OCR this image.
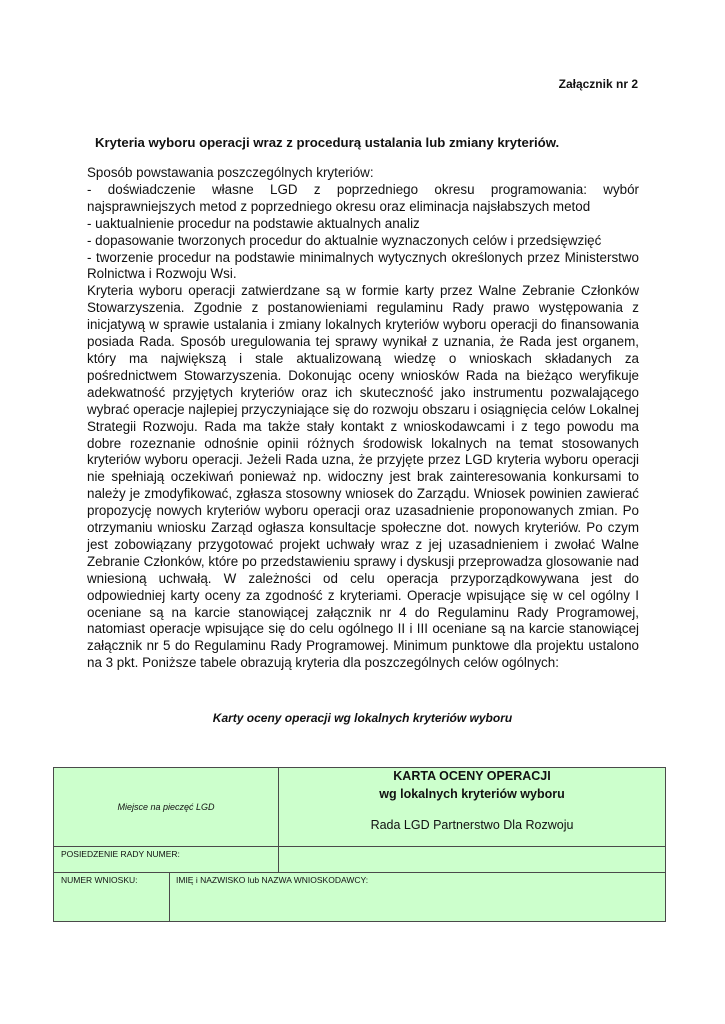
Załącznik nr 2
Kryteria wyboru operacji wraz z procedurą ustalania lub zmiany kryteriów.

Sposób powstawania poszczególnych kryteriów:

- doświadczenie własne LGD z poprzedniego okresu programowania: wybór najsprawniejszych metod z poprzedniego okresu oraz eliminacja najsłabszych metod

- uaktualnienie procedur na podstawie aktualnych analiz

- dopasowanie tworzonych procedur do aktualnie wyznaczonych celów i przedsięwzięć

- tworzenie procedur na podstawie minimalnych wytycznych określonych przez Ministerstwo Rolnictwa i Rozwoju Wsi.

Kryteria wyboru operacji zatwierdzane są w formie karty przez Walne Zebranie Członków Stowarzyszenia. Zgodnie z postanowieniami regulaminu Rady prawo występowania z inicjatywą w sprawie ustalania i zmiany lokalnych kryteriów wyboru operacji do finansowania posiada Rada. Sposób uregulowania tej sprawy wynikał z uznania, że Rada jest organem, który ma największą i stale aktualizowaną wiedzę o wnioskach składanych za pośrednictwem Stowarzyszenia. Dokonując oceny wniosków Rada na bieżąco weryfikuje adekwatność przyjętych kryteriów oraz ich skuteczność jako instrumentu pozwalającego wybrać operacje najlepiej przyczyniające się do rozwoju obszaru i osiągnięcia celów Lokalnej Strategii Rozwoju. Rada ma także stały kontakt z wnioskodawcami i z tego powodu ma dobre rozeznanie odnośnie opinii różnych środowisk lokalnych na temat stosowanych kryteriów wyboru operacji. Jeżeli Rada uzna, że przyjęte przez LGD kryteria wyboru operacji nie spełniają oczekiwań ponieważ np. widoczny jest brak zainteresowania konkursami to należy je zmodyfikować, zgłasza stosowny wniosek do Zarządu. Wniosek powinien zawierać propozycję nowych kryteriów wyboru operacji oraz uzasadnienie proponowanych zmian. Po otrzymaniu wniosku Zarząd ogłasza konsultacje społeczne dot. nowych kryteriów. Po czym jest zobowiązany przygotować projekt uchwały wraz z jej uzasadnieniem i zwołać Walne Zebranie Członków, które po przedstawieniu sprawy i dyskusji przeprowadza glosowanie nad wniesioną uchwałą. W zależności od celu operacja przyporządkowywana jest do odpowiedniej karty oceny za zgodność z kryteriami. Operacje wpisujące się w cel ogólny I oceniane są na karcie stanowiącej załącznik nr 4 do Regulaminu Rady Programowej, natomiast operacje wpisujące się do celu ogólnego II i III oceniane są na karcie stanowiącej załącznik nr 5 do Regulaminu Rady Programowej. Minimum punktowe dla projektu ustalono na 3 pkt. Poniższe tabele obrazują kryteria dla poszczególnych celów ogólnych:

Karty oceny operacji wg lokalnych kryteriów wyboru
Miejsce na pieczęć LGD
KARTA OCENY OPERACJI
wg lokalnych kryteriów wyboru
Rada LGD Partnerstwo Dla Rozwoju
POSIEDZENIE RADY NUMER:
NUMER WNIOSKU:	IMIĘ i NAZWISKO lub NAZWA WNIOSKODAWCY:
